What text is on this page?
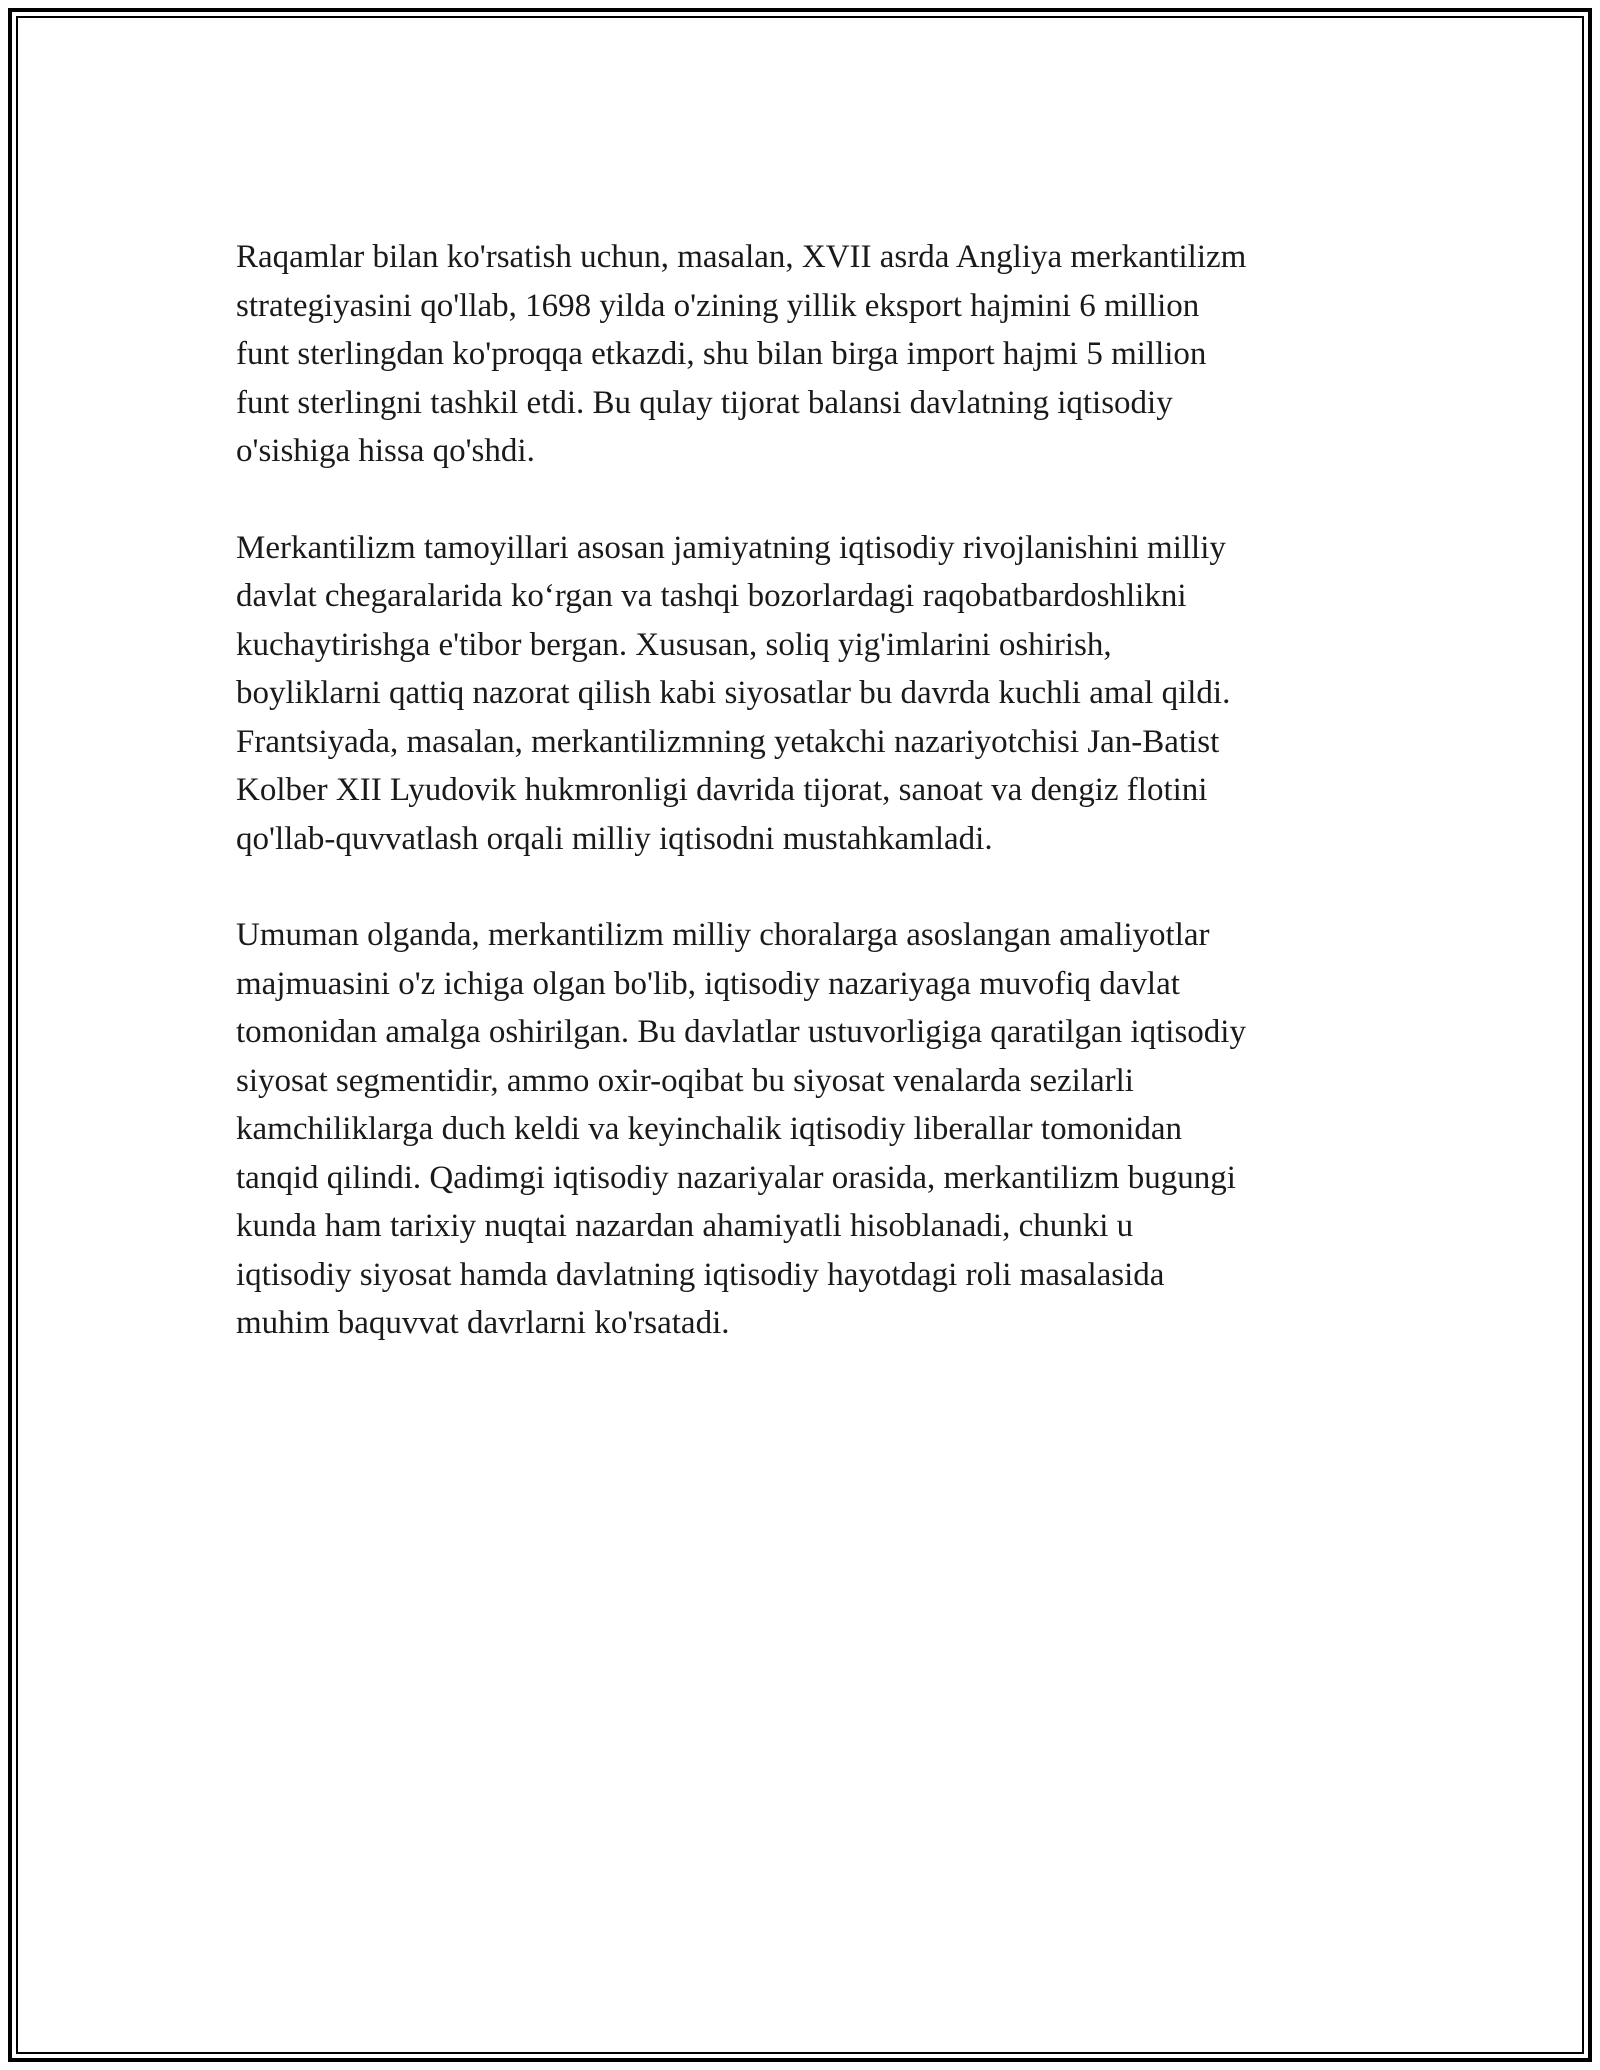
Raqamlar bilan ko'rsatish uchun, masalan, XVII asrda Angliya merkantilizm
strategiyasini qo'llab, 1698 yilda o'zining yillik eksport hajmini 6 million
funt sterlingdan ko'proqqa etkazdi, shu bilan birga import hajmi 5 million
funt sterlingni tashkil etdi. Bu qulay tijorat balansi davlatning iqtisodiy
o'sishiga hissa qo'shdi.

Merkantilizm tamoyillari asosan jamiyatning iqtisodiy rivojlanishini milliy
davlat chegaralarida ko‘rgan va tashqi bozorlardagi raqobatbardoshlikni
kuchaytirishga e'tibor bergan. Xususan, soliq yig'imlarini oshirish,
boyliklarni qattiq nazorat qilish kabi siyosatlar bu davrda kuchli amal qildi.
Frantsiyada, masalan, merkantilizmning yetakchi nazariyotchisi Jan-Batist
Kolber XII Lyudovik hukmronligi davrida tijorat, sanoat va dengiz flotini
qo'llab-quvvatlash orqali milliy iqtisodni mustahkamladi.

Umuman olganda, merkantilizm milliy choralarga asoslangan amaliyotlar
majmuasini o'z ichiga olgan bo'lib, iqtisodiy nazariyaga muvofiq davlat
tomonidan amalga oshirilgan. Bu davlatlar ustuvorligiga qaratilgan iqtisodiy
siyosat segmentidir, ammo oxir-oqibat bu siyosat venalarda sezilarli
kamchiliklarga duch keldi va keyinchalik iqtisodiy liberallar tomonidan
tanqid qilindi. Qadimgi iqtisodiy nazariyalar orasida, merkantilizm bugungi
kunda ham tarixiy nuqtai nazardan ahamiyatli hisoblanadi, chunki u
iqtisodiy siyosat hamda davlatning iqtisodiy hayotdagi roli masalasida
muhim baquvvat davrlarni ko'rsatadi.
